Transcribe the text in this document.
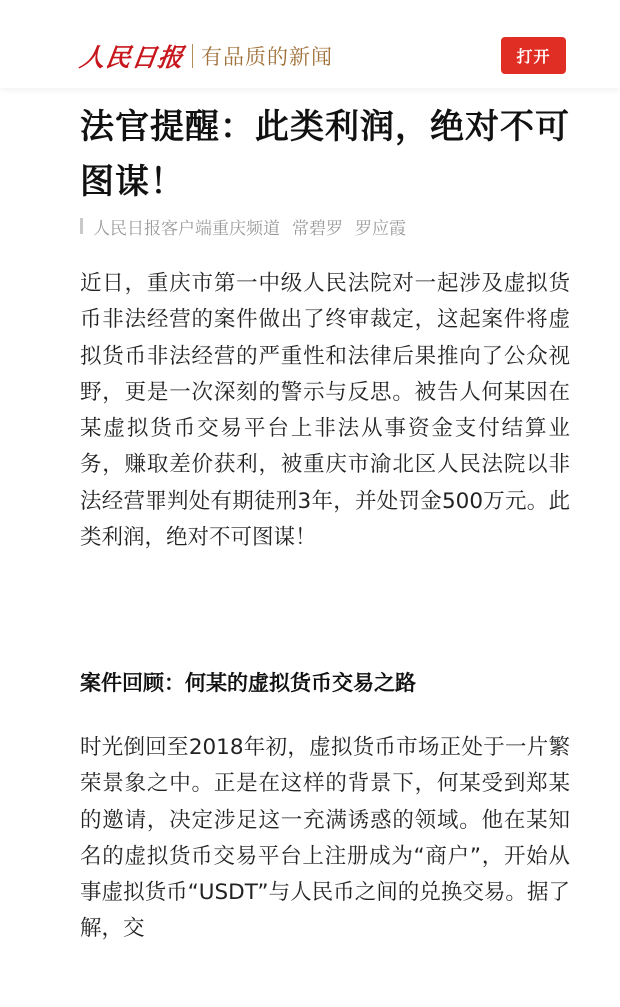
人民日报 有品质的新闻	打开
法官提醒：此类利润，绝对不可图谋！
人民日报客户端重庆频道 常碧罗 罗应霞

近日，重庆市第一中级人民法院对一起涉及虚拟货币非法经营的案件做出了终审裁定，这起案件将虚拟货币非法经营的严重性和法律后果推向了公众视野，更是一次深刻的警示与反思。被告人何某因在某虚拟货币交易平台上非法从事资金支付结算业务，赚取差价获利，被重庆市渝北区人民法院以非法经营罪判处有期徒刑3年，并处罚金500万元。此类利润，绝对不可图谋！

案件回顾：何某的虚拟货币交易之路

时光倒回至2018年初，虚拟货币市场正处于一片繁荣景象之中。正是在这样的背景下，何某受到郑某的邀请，决定涉足这一充满诱惑的领域。他在某知名的虚拟货币交易平台上注册成为“商户”，开始从事虚拟货币“USDT”与人民币之间的兑换交易。据了解，交
